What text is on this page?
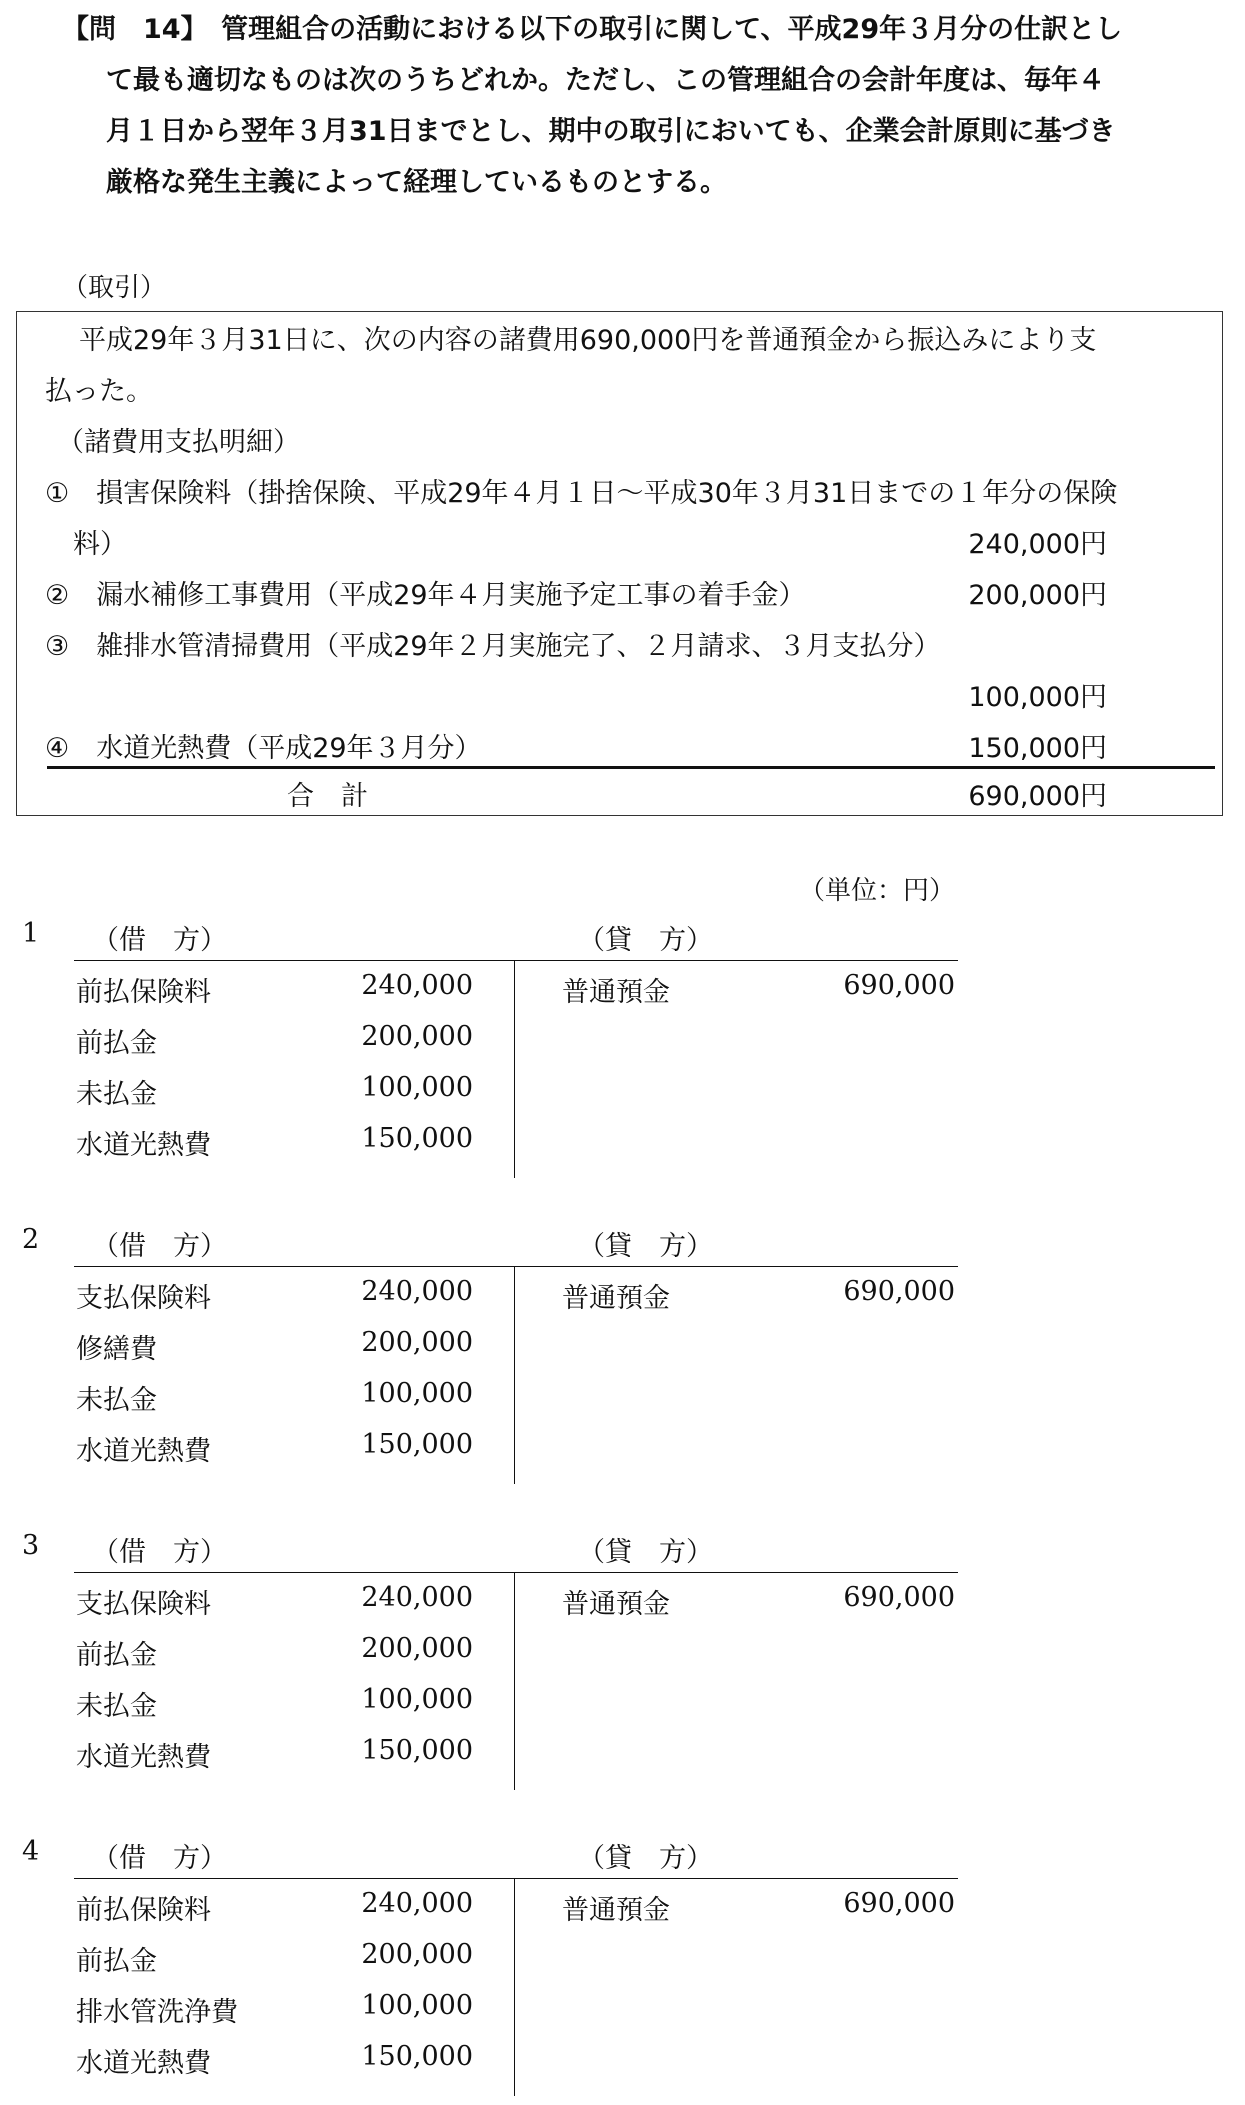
【問　14】　管理組合の活動における以下の取引に関して、平成29年３月分の仕訳とし
て最も適切なものは次のうちどれか。ただし、この管理組合の会計年度は、毎年４
月１日から翌年３月31日までとし、期中の取引においても、企業会計原則に基づき
厳格な発生主義によって経理しているものとする。
（取引）
平成29年３月31日に、次の内容の諸費用690,000円を普通預金から振込みにより支
払った。
（諸費用支払明細）
①　損害保険料（掛捨保険、平成29年４月１日～平成30年３月31日までの１年分の保険
料）	240,000円
②　漏水補修工事費用（平成29年４月実施予定工事の着手金）	200,000円
③　雑排水管清掃費用（平成29年２月実施完了、２月請求、３月支払分）
100,000円
④　水道光熱費（平成29年３月分）	150,000円
合　計	690,000円
（単位：円）
1 （借　方）	（貸　方）
前払保険料	240,000
前払金	200,000
未払金	100,000
水道光熱費	150,000
普通預金	690,000
2 （借　方）	（貸　方）
支払保険料	240,000
修繕費	200,000
未払金	100,000
水道光熱費	150,000
普通預金	690,000
3 （借　方）	（貸　方）
支払保険料	240,000
前払金	200,000
未払金	100,000
水道光熱費	150,000
普通預金	690,000
4 （借　方）	（貸　方）
前払保険料	240,000
前払金	200,000
排水管洗浄費	100,000
水道光熱費	150,000
普通預金	690,000
